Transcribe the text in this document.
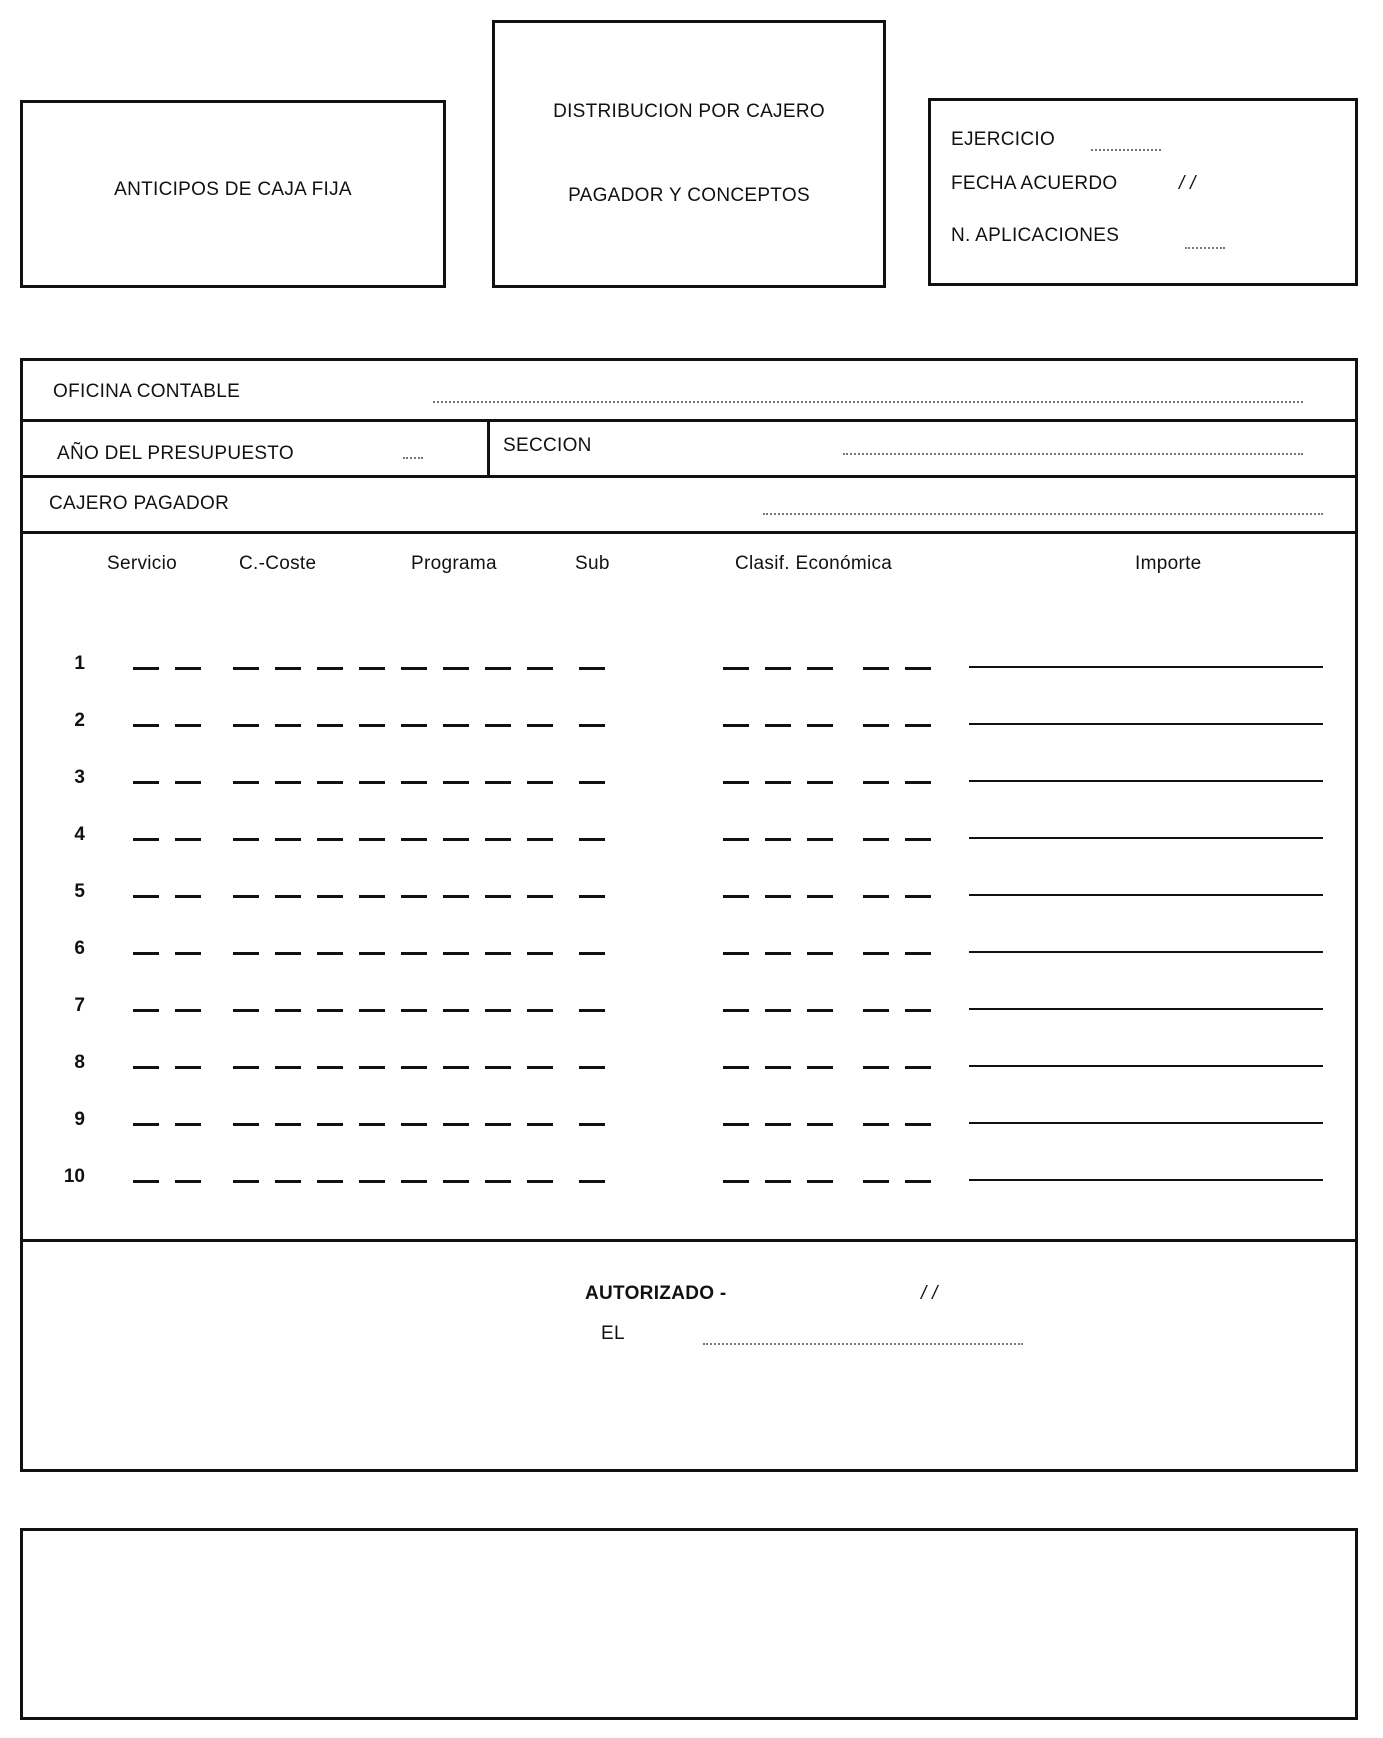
ANTICIPOS DE CAJA FIJA
DISTRIBUCION POR CAJERO
PAGADOR Y CONCEPTOS
EJERCICIO
FECHA ACUERDO	/ /
N. APLICACIONES
OFICINA CONTABLE
AÑO DEL PRESUPUESTO	SECCION
CAJERO PAGADOR
Servicio	C.-Coste	Programa	Sub	Clasif. Económica	Importe
1
2
3
4
5
6
7
8
9
10
AUTORIZADO -	/ /
EL
